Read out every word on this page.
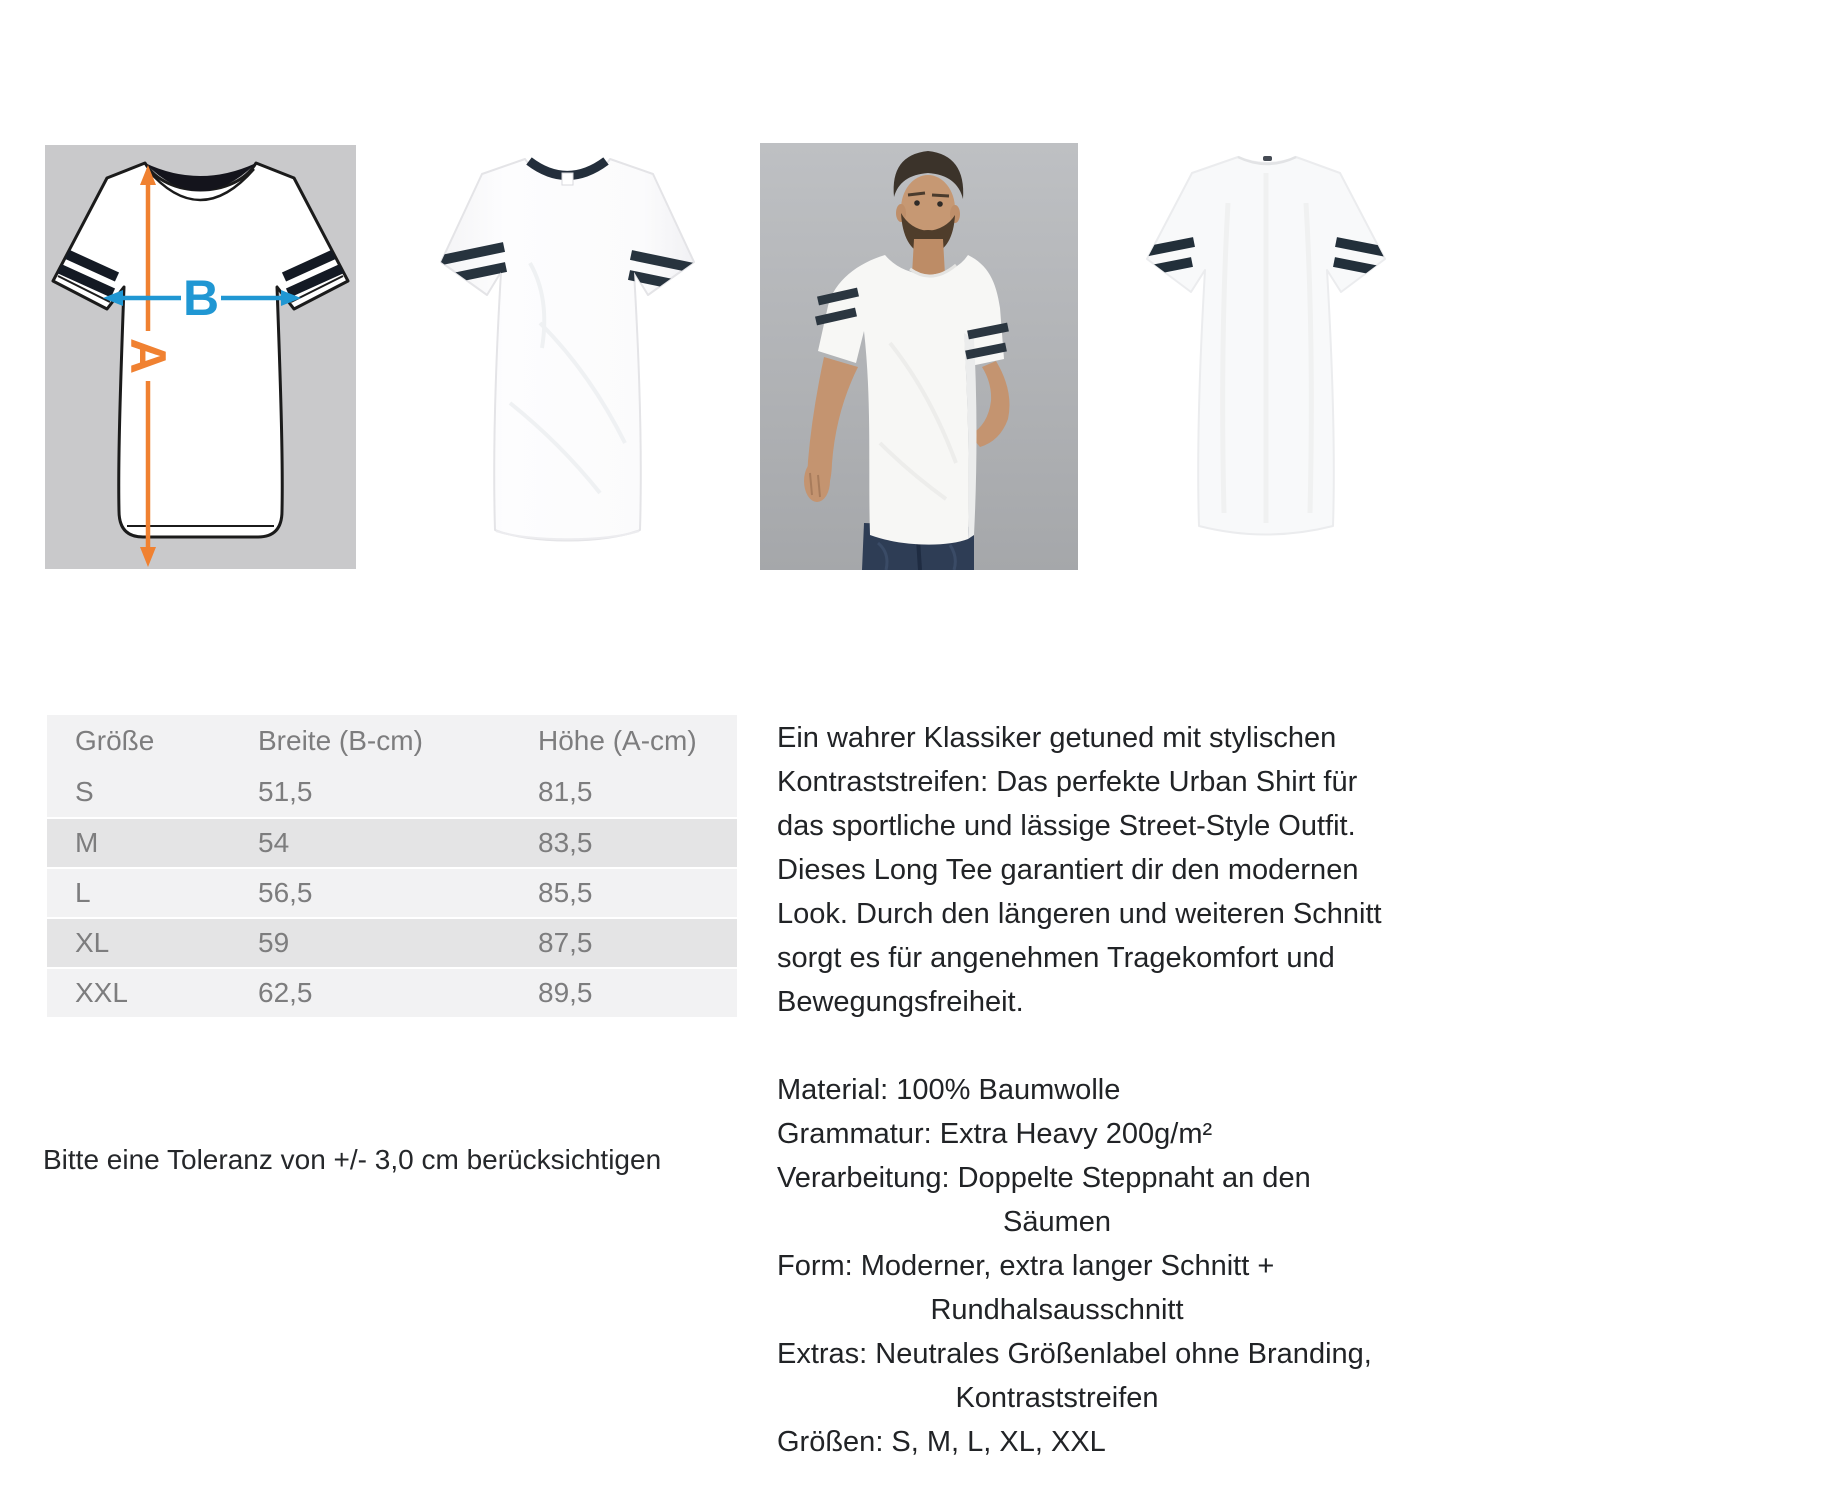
A
B
Größe	Breite (B-cm)	Höhe (A-cm)
S	51,5	81,5
M	54	83,5
L	56,5	85,5
XL	59	87,5
XXL	62,5	89,5
Bitte eine Toleranz von +/- 3,0 cm berücksichtigen
Ein wahrer Klassiker getuned mit stylischen
Kontraststreifen: Das perfekte Urban Shirt für
das sportliche und lässige Street-Style Outfit.
Dieses Long Tee garantiert dir den modernen
Look. Durch den längeren und weiteren Schnitt
sorgt es für angenehmen Tragekomfort und
Bewegungsfreiheit.
Material: 100% Baumwolle
Grammatur: Extra Heavy 200g/m²
Verarbeitung: Doppelte Steppnaht an den
Säumen
Form: Moderner, extra langer Schnitt +
Rundhalsausschnitt
Extras: Neutrales Größenlabel ohne Branding,
Kontraststreifen
Größen: S, M, L, XL, XXL
